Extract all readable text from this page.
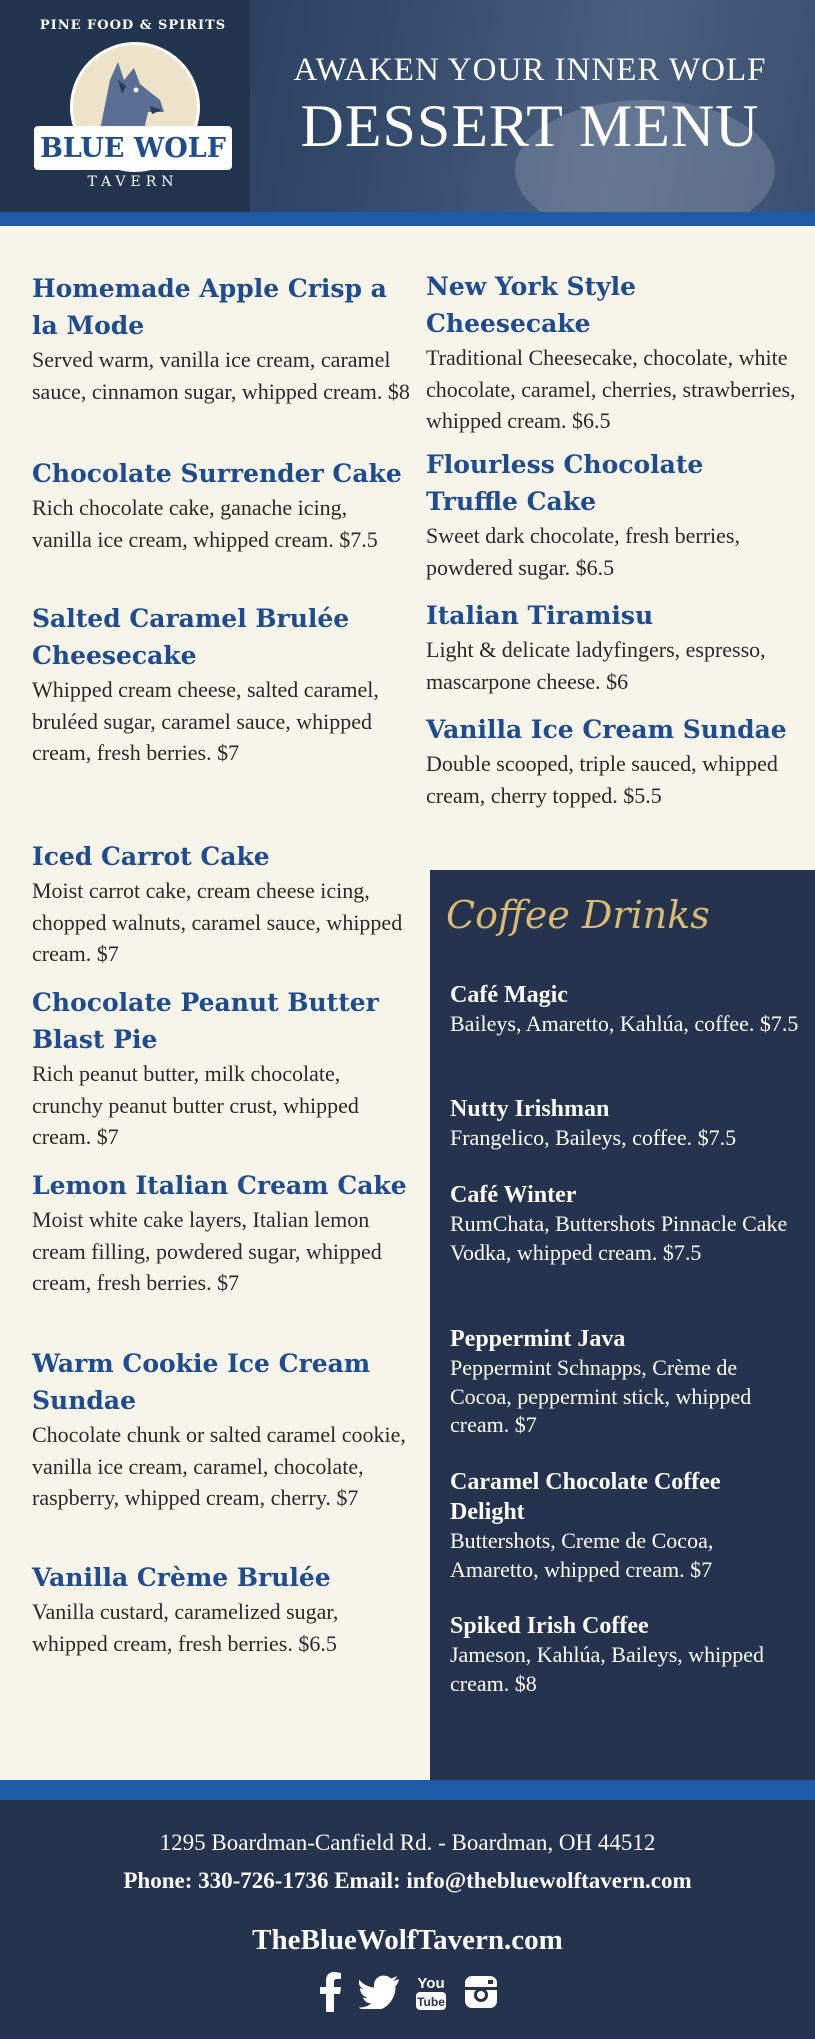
PINE FOOD & SPIRITS
BLUE WOLF
TAVERN
AWAKEN YOUR INNER WOLF
DESSERT MENU
Homemade Apple Crisp a la Mode
Served warm, vanilla ice cream, caramel sauce, cinnamon sugar, whipped cream. $8
Chocolate Surrender Cake
Rich chocolate cake, ganache icing, vanilla ice cream, whipped cream. $7.5
Salted Caramel Brulée Cheesecake
Whipped cream cheese, salted caramel, bruléed sugar, caramel sauce, whipped cream, fresh berries. $7
Iced Carrot Cake
Moist carrot cake, cream cheese icing, chopped walnuts, caramel sauce, whipped cream. $7
Chocolate Peanut Butter Blast Pie
Rich peanut butter, milk chocolate, crunchy peanut butter crust, whipped cream. $7
Lemon Italian Cream Cake
Moist white cake layers, Italian lemon cream filling, powdered sugar, whipped cream, fresh berries. $7
Warm Cookie Ice Cream Sundae
Chocolate chunk or salted caramel cookie, vanilla ice cream, caramel, chocolate, raspberry, whipped cream, cherry. $7
Vanilla Crème Brulée
Vanilla custard, caramelized sugar, whipped cream, fresh berries. $6.5
New York Style Cheesecake
Traditional Cheesecake, chocolate, white chocolate, caramel, cherries, strawberries, whipped cream. $6.5
Flourless Chocolate Truffle Cake
Sweet dark chocolate, fresh berries, powdered sugar. $6.5
Italian Tiramisu
Light & delicate ladyfingers, espresso, mascarpone cheese. $6
Vanilla Ice Cream Sundae
Double scooped, triple sauced, whipped cream, cherry topped. $5.5
Coffee Drinks
Café Magic
Baileys, Amaretto, Kahlúa, coffee. $7.5
Nutty Irishman
Frangelico, Baileys, coffee. $7.5
Café Winter
RumChata, Buttershots Pinnacle Cake Vodka, whipped cream. $7.5
Peppermint Java
Peppermint Schnapps, Crème de Cocoa, peppermint stick, whipped cream. $7
Caramel Chocolate Coffee Delight
Buttershots, Creme de Cocoa, Amaretto, whipped cream. $7
Spiked Irish Coffee
Jameson, Kahlúa, Baileys, whipped cream. $8
1295 Boardman-Canfield Rd. - Boardman, OH 44512
Phone: 330-726-1736 Email: info@thebluewolftavern.com
TheBlueWolfTavern.com
You
Tube
